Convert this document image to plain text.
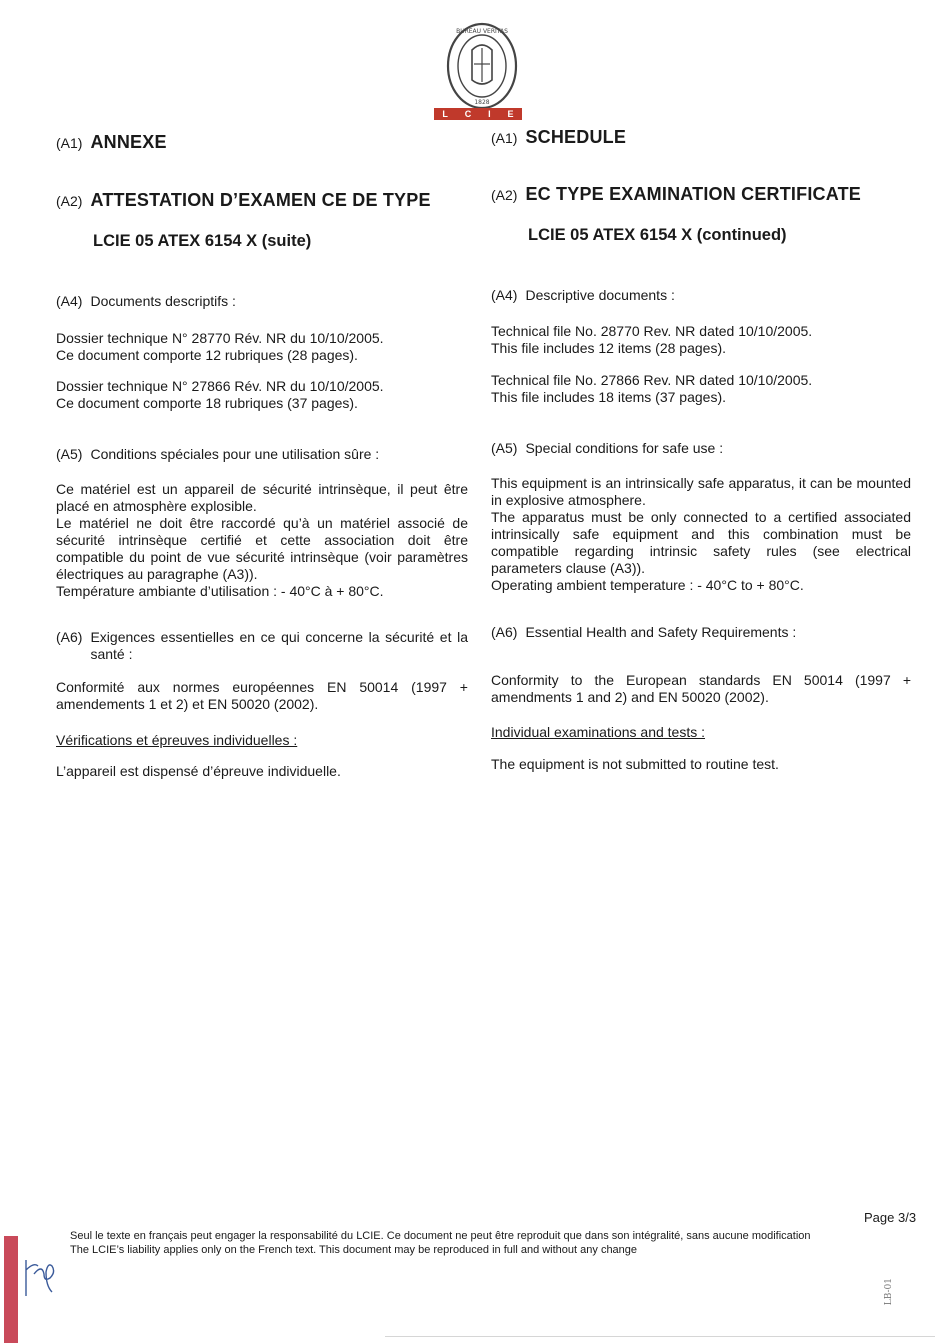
BUREAU VERITAS
1828
L C I E
(A1) ANNEXE
(A2) ATTESTATION D’EXAMEN CE DE TYPE
LCIE 05 ATEX 6154 X (suite)
(A4) Documents descriptifs :
Dossier technique N° 28770 Rév. NR du 10/10/2005.
Ce document comporte 12 rubriques (28 pages).
Dossier technique N° 27866 Rév. NR du 10/10/2005.
Ce document comporte 18 rubriques (37 pages).
(A5) Conditions spéciales pour une utilisation sûre :
Ce matériel est un appareil de sécurité intrinsèque, il peut être placé en atmosphère explosible.
Le matériel ne doit être raccordé qu’à un matériel associé de sécurité intrinsèque certifié et cette association doit être compatible du point de vue sécurité intrinsèque (voir paramètres électriques au paragraphe (A3)).
Température ambiante d’utilisation : - 40°C à + 80°C.
(A6) Exigences essentielles en ce qui concerne la sécurité et la santé :
Conformité aux normes européennes EN 50014 (1997 + amendements 1 et 2) et EN 50020 (2002).
Vérifications et épreuves individuelles :
L’appareil est dispensé d’épreuve individuelle.
(A1) SCHEDULE
(A2) EC TYPE EXAMINATION CERTIFICATE
LCIE 05 ATEX 6154 X (continued)
(A4) Descriptive documents :
Technical file No. 28770 Rev. NR dated 10/10/2005.
This file includes 12 items (28 pages).
Technical file No. 27866 Rev. NR dated 10/10/2005.
This file includes 18 items (37 pages).
(A5) Special conditions for safe use :
This equipment is an intrinsically safe apparatus, it can be mounted in explosive atmosphere.
The apparatus must be only connected to a certified associated intrinsically safe equipment and this combination must be compatible regarding intrinsic safety rules (see electrical parameters clause (A3)).
Operating ambient temperature : - 40°C to + 80°C.
(A6) Essential Health and Safety Requirements :
Conformity to the European standards EN 50014 (1997 + amendments 1 and 2) and EN 50020 (2002).
Individual examinations and tests :
The equipment is not submitted to routine test.
Page 3/3
Seul le texte en français peut engager la responsabilité du LCIE. Ce document ne peut être reproduit que dans son intégralité, sans aucune modification
The LCIE’s liability applies only on the French text. This document may be reproduced in full and without any change
LB-01
